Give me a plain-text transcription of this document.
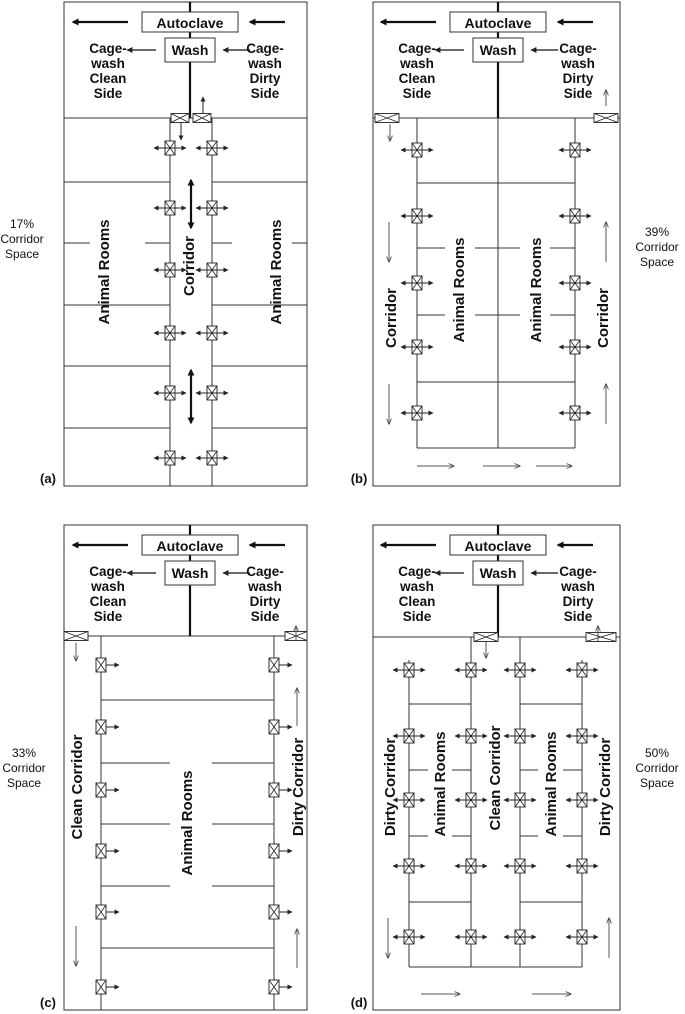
17%
Corridor
Space
39%
Corridor
Space
33%
Corridor
Space
50%
Corridor
Space
Autoclave
Wash
Cage-
wash
Clean
Side
Cage-
wash
Dirty
Side
Animal Rooms	Animal Rooms
Corridor
(a)
Autoclave
Wash
Cage-
wash
Clean
Side
Cage-
wash
Dirty
Side
Corridor	Animal Rooms	Animal Rooms	Corridor
(b)
Autoclave
Wash
Cage-
wash
Clean
Side
Cage-
wash
Dirty
Side
Clean Corridor	Animal Rooms	Dirty Corridor
(c)
Autoclave
Wash
Cage-
wash
Clean
Side
Cage-
wash
Dirty
Side
Dirty Corridor Animal Rooms	Clean Corridor	Animal Rooms Dirty Corridor
(d)
